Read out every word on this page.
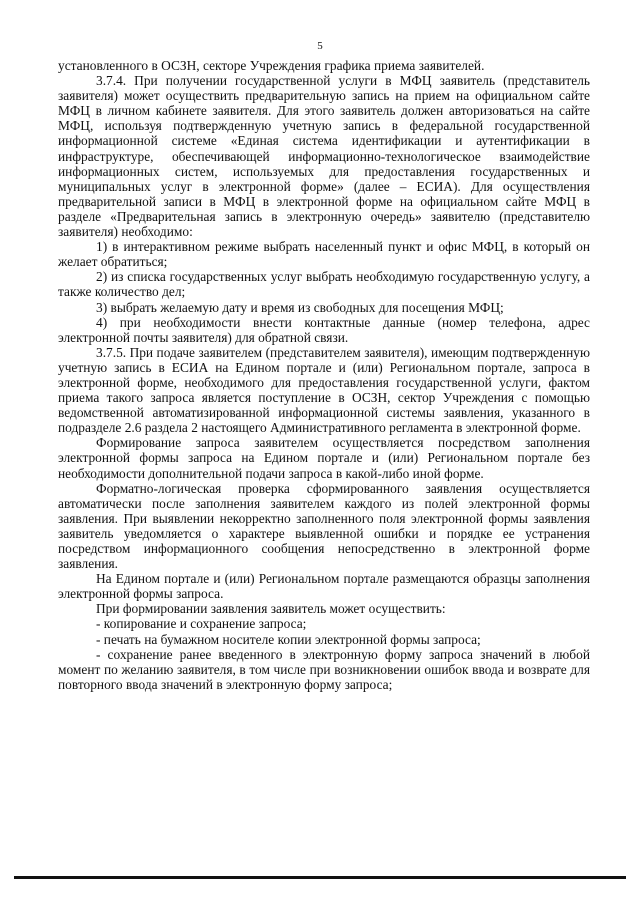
5

установленного в ОСЗН, секторе Учреждения графика приема заявителей.

3.7.4. При получении государственной услуги в МФЦ заявитель (представитель заявителя) может осуществить предварительную запись на прием на официальном сайте МФЦ в личном кабинете заявителя. Для этого заявитель должен авторизоваться на сайте МФЦ, используя подтвержденную учетную запись в федеральной государственной информационной системе «Единая система идентификации и аутентификации в инфраструктуре, обеспечивающей информационно-технологическое взаимодействие информационных систем, используемых для предоставления государственных и муниципальных услуг в электронной форме» (далее – ЕСИА). Для осуществления предварительной записи в МФЦ в электронной форме на официальном сайте МФЦ в разделе «Предварительная запись в электронную очередь» заявителю (представителю заявителя) необходимо:

1) в интерактивном режиме выбрать населенный пункт и офис МФЦ, в который он желает обратиться;

2) из списка государственных услуг выбрать необходимую государственную услугу, а также количество дел;

3) выбрать желаемую дату и время из свободных для посещения МФЦ;

4) при необходимости внести контактные данные (номер телефона, адрес электронной почты заявителя) для обратной связи.

3.7.5. При подаче заявителем (представителем заявителя), имеющим подтвержденную учетную запись в ЕСИА на Едином портале и (или) Региональном портале, запроса в электронной форме, необходимого для предоставления государственной услуги, фактом приема такого запроса является поступление в ОСЗН, сектор Учреждения с помощью ведомственной автоматизированной информационной системы заявления, указанного в подразделе 2.6 раздела 2 настоящего Административного регламента в электронной форме.

Формирование запроса заявителем осуществляется посредством заполнения электронной формы запроса на Едином портале и (или) Региональном портале без необходимости дополнительной подачи запроса в какой-либо иной форме.

Форматно-логическая проверка сформированного заявления осуществляется автоматически после заполнения заявителем каждого из полей электронной формы заявления. При выявлении некорректно заполненного поля электронной формы заявления заявитель уведомляется о характере выявленной ошибки и порядке ее устранения посредством информационного сообщения непосредственно в электронной форме заявления.

На Едином портале и (или) Региональном портале размещаются образцы заполнения электронной формы запроса.

При формировании заявления заявитель может осуществить:

- копирование и сохранение запроса;

- печать на бумажном носителе копии электронной формы запроса;

- сохранение ранее введенного в электронную форму запроса значений в любой момент по желанию заявителя, в том числе при возникновении ошибок ввода и возврате для повторного ввода значений в электронную форму запроса;
